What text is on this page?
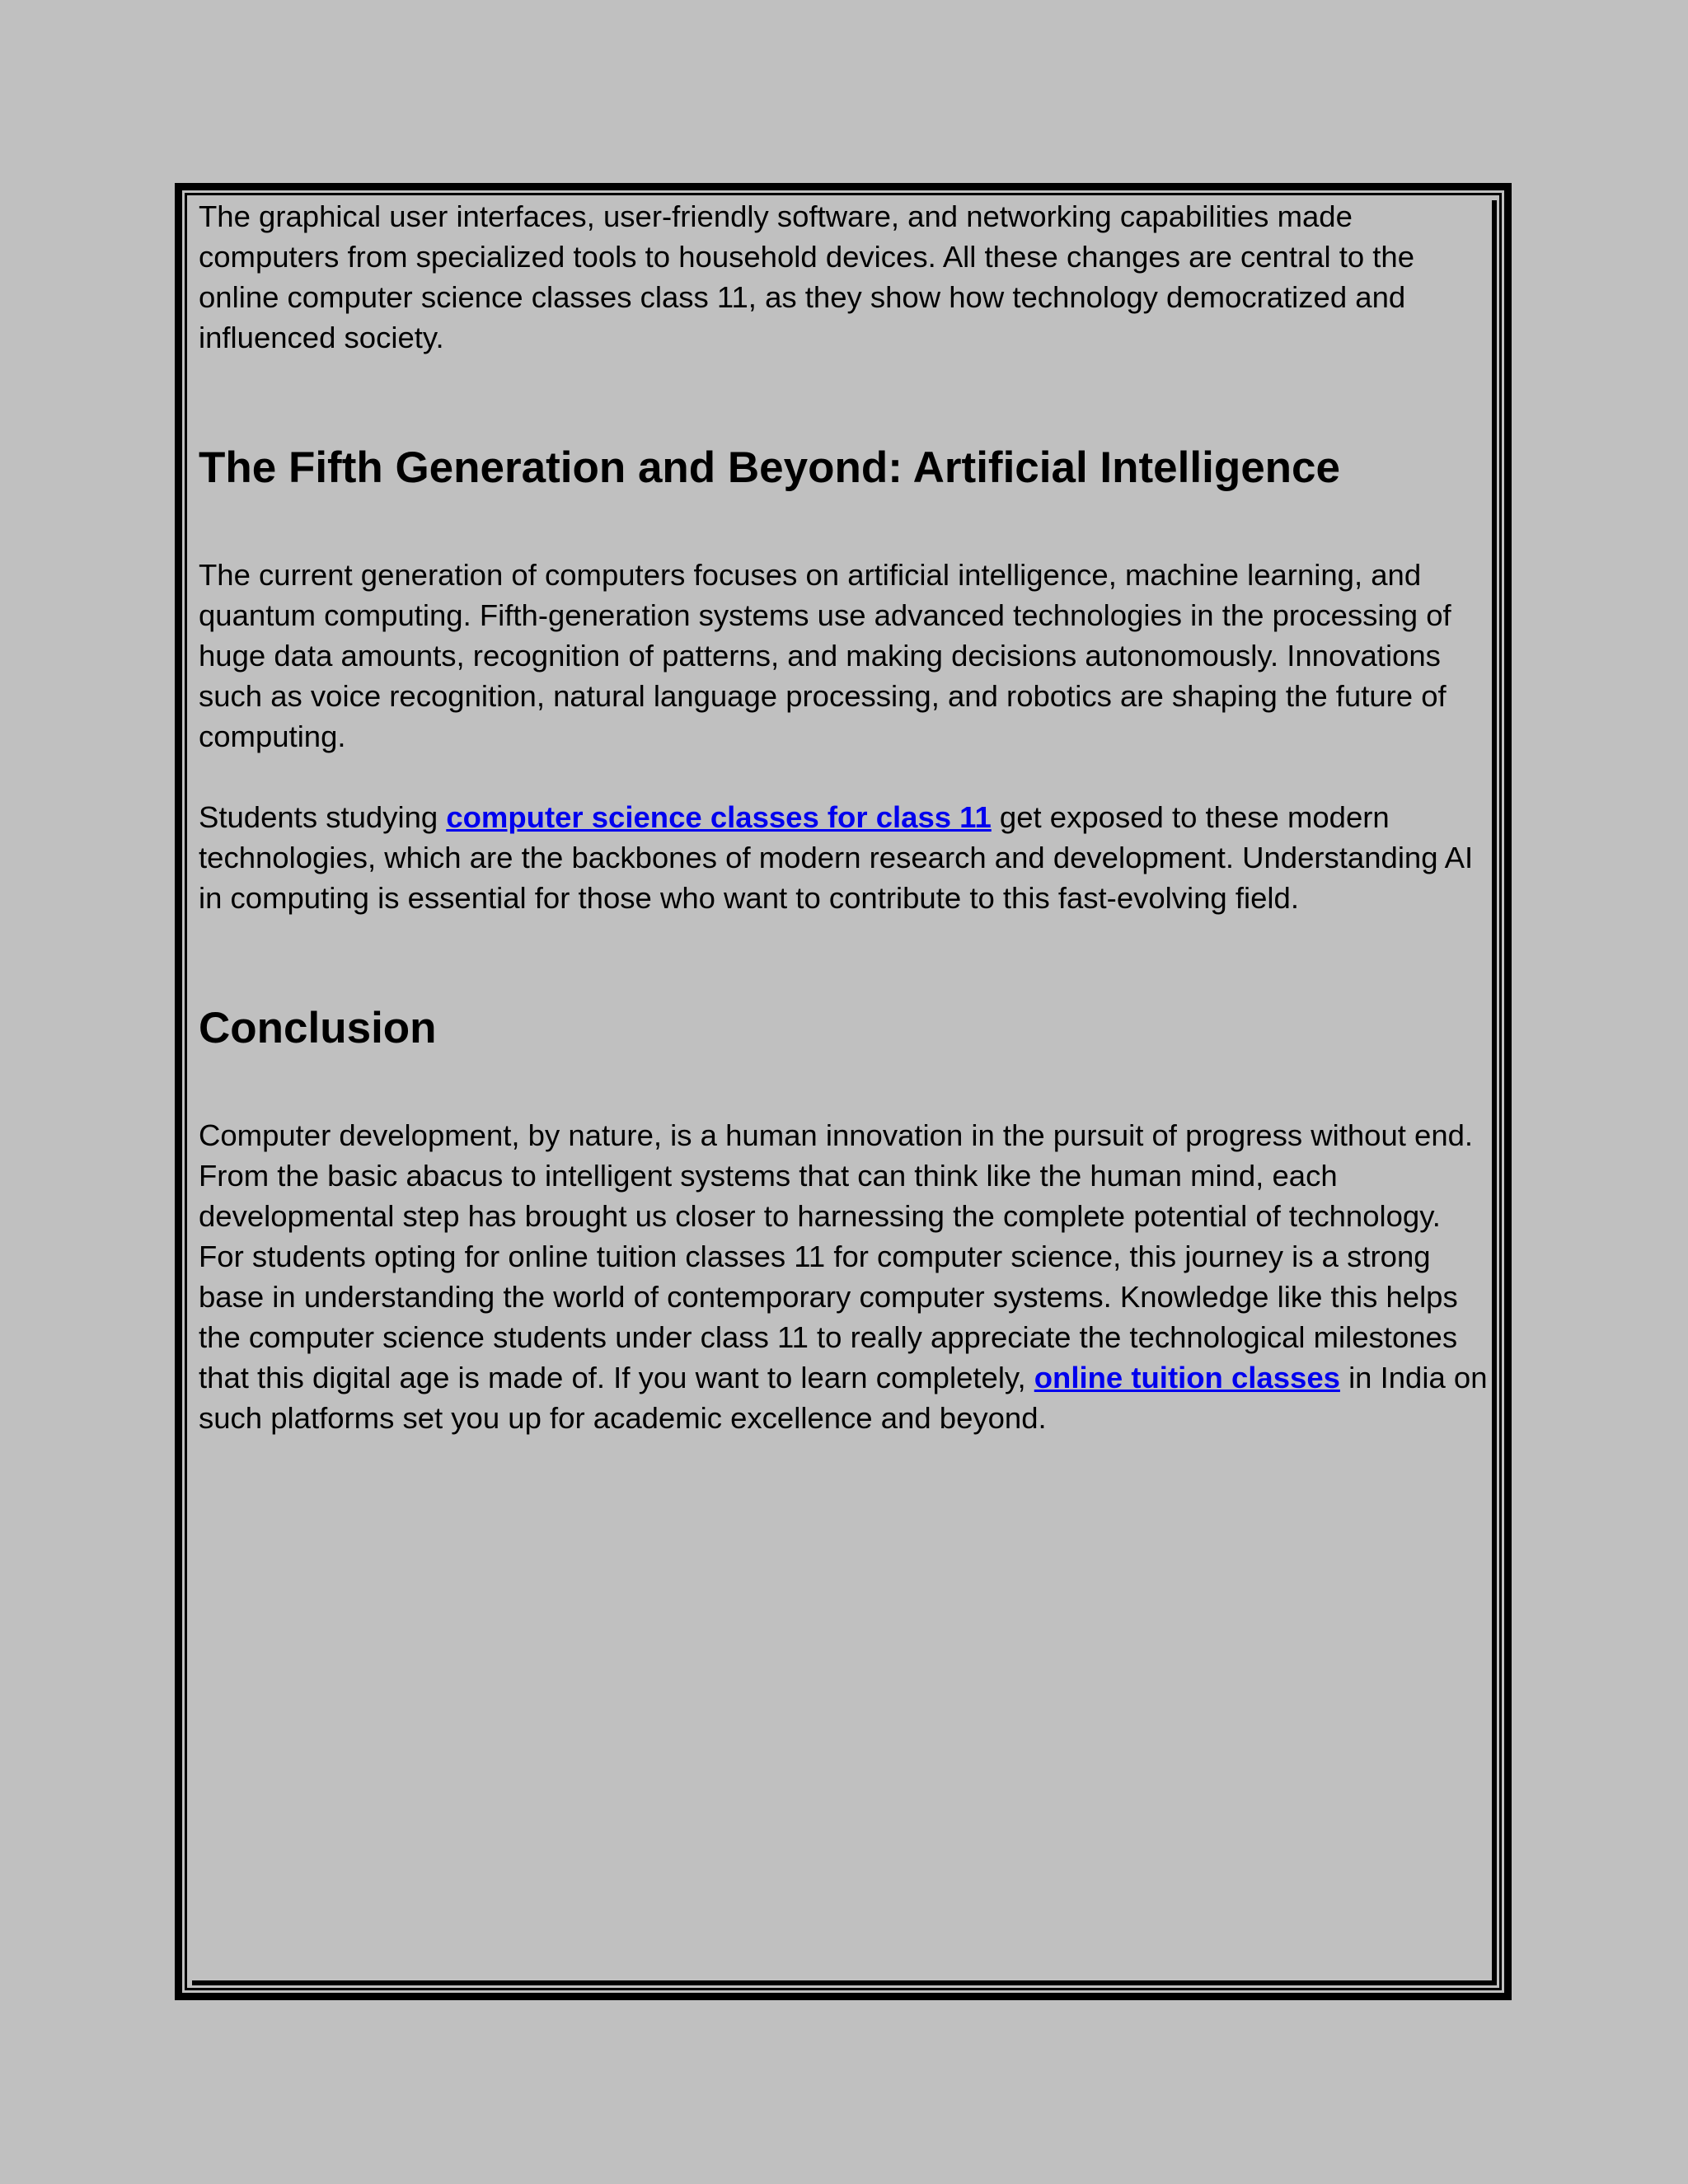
The graphical user interfaces, user-friendly software, and networking capabilities made computers from specialized tools to household devices. All these changes are central to the online computer science classes class 11, as they show how technology democratized and influenced society.

The Fifth Generation and Beyond: Artificial Intelligence

The current generation of computers focuses on artificial intelligence, machine learning, and quantum computing. Fifth-generation systems use advanced technologies in the processing of huge data amounts, recognition of patterns, and making decisions autonomously. Innovations such as voice recognition, natural language processing, and robotics are shaping the future of computing.

Students studying computer science classes for class 11 get exposed to these modern technologies, which are the backbones of modern research and development. Understanding AI in computing is essential for those who want to contribute to this fast-evolving field.

Conclusion

Computer development, by nature, is a human innovation in the pursuit of progress without end. From the basic abacus to intelligent systems that can think like the human mind, each developmental step has brought us closer to harnessing the complete potential of technology. For students opting for online tuition classes 11 for computer science, this journey is a strong base in understanding the world of contemporary computer systems. Knowledge like this helps the computer science students under class 11 to really appreciate the technological milestones that this digital age is made of. If you want to learn completely, online tuition classes in India on such platforms set you up for academic excellence and beyond.
